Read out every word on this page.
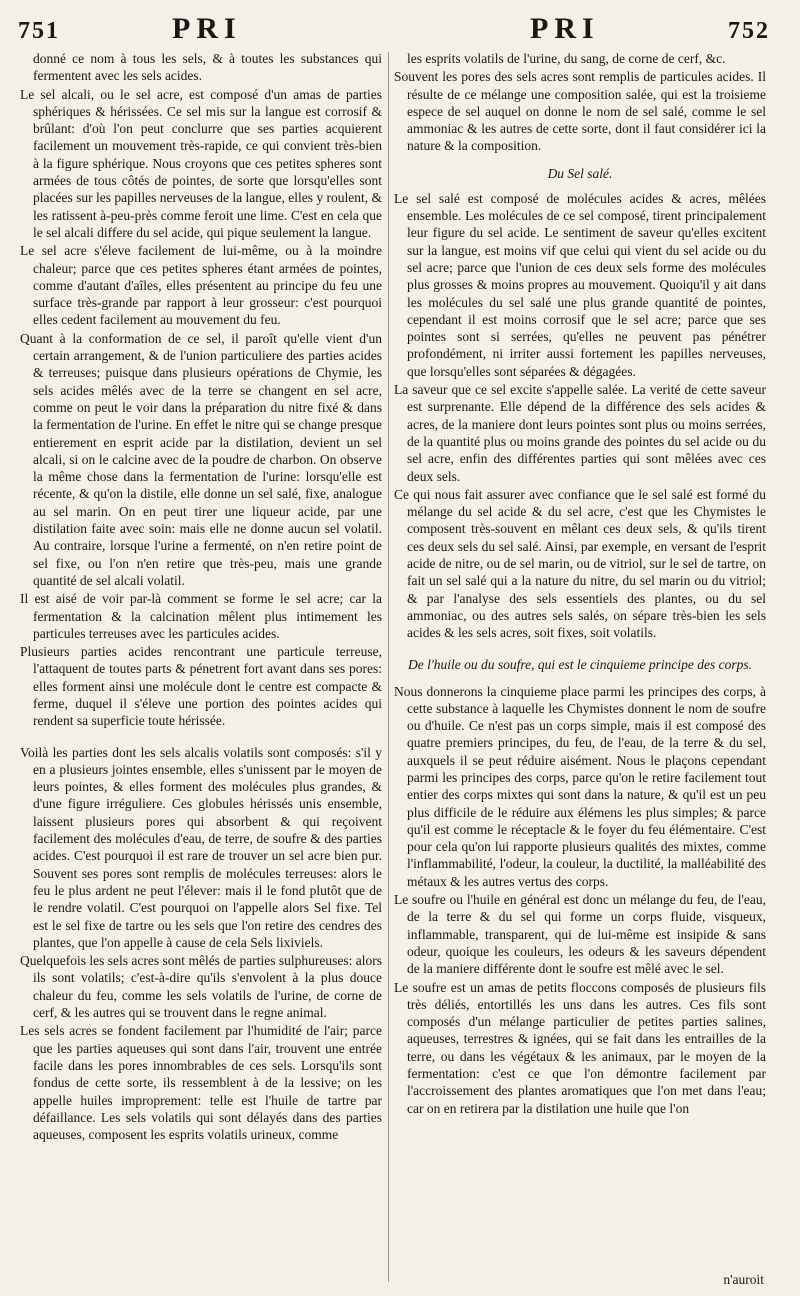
751	PRI	PRI	752

donné ce nom à tous les sels, & à toutes les substances qui fermentent avec les sels acides.

Le sel alcali, ou le sel acre, est composé d'un amas de parties sphériques & hérissées. Ce sel mis sur la langue est corrosif & brûlant: d'où l'on peut conclurre que ses parties acquierent facilement un mouvement très-rapide, ce qui convient très-bien à la figure sphérique. Nous croyons que ces petites spheres sont armées de tous côtés de pointes, de sorte que lorsqu'elles sont placées sur les papilles nerveuses de la langue, elles y roulent, & les ratissent à-peu-près comme feroit une lime. C'est en cela que le sel alcali differe du sel acide, qui pique seulement la langue.

Le sel acre s'éleve facilement de lui-même, ou à la moindre chaleur; parce que ces petites spheres étant armées de pointes, comme d'autant d'aîles, elles présentent au principe du feu une surface très-grande par rapport à leur grosseur: c'est pourquoi elles cedent facilement au mouvement du feu.

Quant à la conformation de ce sel, il paroît qu'elle vient d'un certain arrangement, & de l'union particuliere des parties acides & terreuses; puisque dans plusieurs opérations de Chymie, les sels acides mêlés avec de la terre se changent en sel acre, comme on peut le voir dans la préparation du nitre fixé & dans la fermentation de l'urine. En effet le nitre qui se change presque entierement en esprit acide par la distilation, devient un sel alcali, si on le calcine avec de la poudre de charbon. On observe la même chose dans la fermentation de l'urine: lorsqu'elle est récente, & qu'on la distile, elle donne un sel salé, fixe, analogue au sel marin. On en peut tirer une liqueur acide, par une distilation faite avec soin: mais elle ne donne aucun sel volatil. Au contraire, lorsque l'urine a fermenté, on n'en retire point de sel fixe, ou l'on n'en retire que très-peu, mais une grande quantité de sel alcali volatil.

Il est aisé de voir par-là comment se forme le sel acre; car la fermentation & la calcination mêlent plus intimement les particules terreuses avec les particules acides.

Plusieurs parties acides rencontrant une particule terreuse, l'attaquent de toutes parts & pénetrent fort avant dans ses pores: elles forment ainsi une molécule dont le centre est compacte & ferme, duquel il s'éleve une portion des pointes acides qui rendent sa superficie toute hérissée.

Voilà les parties dont les sels alcalis volatils sont composés: s'il y en a plusieurs jointes ensemble, elles s'unissent par le moyen de leurs pointes, & elles forment des molécules plus grandes, & d'une figure irréguliere. Ces globules hérissés unis ensemble, laissent plusieurs pores qui absorbent & qui reçoivent facilement des molécules d'eau, de terre, de soufre & des parties acides. C'est pourquoi il est rare de trouver un sel acre bien pur. Souvent ses pores sont remplis de molécules terreuses: alors le feu le plus ardent ne peut l'élever: mais il le fond plutôt que de le rendre volatil. C'est pourquoi on l'appelle alors Sel fixe. Tel est le sel fixe de tartre ou les sels que l'on retire des cendres des plantes, que l'on appelle à cause de cela Sels lixiviels.

Quelquefois les sels acres sont mêlés de parties sulphureuses: alors ils sont volatils; c'est-à-dire qu'ils s'envolent à la plus douce chaleur du feu, comme les sels volatils de l'urine, de corne de cerf, & les autres qui se trouvent dans le regne animal.

Les sels acres se fondent facilement par l'humidité de l'air; parce que les parties aqueuses qui sont dans l'air, trouvent une entrée facile dans les pores innombrables de ces sels. Lorsqu'ils sont fondus de cette sorte, ils ressemblent à de la lessive; on les appelle huiles improprement: telle est l'huile de tartre par défaillance. Les sels volatils qui sont délayés dans des parties aqueuses, composent les esprits volatils urineux, comme

les esprits volatils de l'urine, du sang, de corne de cerf, &c.

Souvent les pores des sels acres sont remplis de particules acides. Il résulte de ce mélange une composition salée, qui est la troisieme espece de sel auquel on donne le nom de sel salé, comme le sel ammoniac & les autres de cette sorte, dont il faut considérer ici la nature & la composition.

Du Sel salé.

Le sel salé est composé de molécules acides & acres, mêlées ensemble. Les molécules de ce sel composé, tirent principalement leur figure du sel acide. Le sentiment de saveur qu'elles excitent sur la langue, est moins vif que celui qui vient du sel acide ou du sel acre; parce que l'union de ces deux sels forme des molécules plus grosses & moins propres au mouvement. Quoiqu'il y ait dans les molécules du sel salé une plus grande quantité de pointes, cependant il est moins corrosif que le sel acre; parce que ses pointes sont si serrées, qu'elles ne peuvent pas pénétrer profondément, ni irriter aussi fortement les papilles nerveuses, que lorsqu'elles sont séparées & dégagées.

La saveur que ce sel excite s'appelle salée. La verité de cette saveur est surprenante. Elle dépend de la différence des sels acides & acres, de la maniere dont leurs pointes sont plus ou moins serrées, de la quantité plus ou moins grande des pointes du sel acide ou du sel acre, enfin des différentes parties qui sont mêlées avec ces deux sels.

Ce qui nous fait assurer avec confiance que le sel salé est formé du mélange du sel acide & du sel acre, c'est que les Chymistes le composent très-souvent en mêlant ces deux sels, & qu'ils tirent ces deux sels du sel salé. Ainsi, par exemple, en versant de l'esprit acide de nitre, ou de sel marin, ou de vitriol, sur le sel de tartre, on fait un sel salé qui a la nature du nitre, du sel marin ou du vitriol; & par l'analyse des sels essentiels des plantes, ou du sel ammoniac, ou des autres sels salés, on sépare très-bien les sels acides & les sels acres, soit fixes, soit volatils.

De l'huile ou du soufre, qui est le cinquieme principe des corps.

Nous donnerons la cinquieme place parmi les principes des corps, à cette substance à laquelle les Chymistes donnent le nom de soufre ou d'huile. Ce n'est pas un corps simple, mais il est composé des quatre premiers principes, du feu, de l'eau, de la terre & du sel, auxquels il se peut réduire aisément. Nous le plaçons cependant parmi les principes des corps, parce qu'on le retire facilement tout entier des corps mixtes qui sont dans la nature, & qu'il est un peu plus difficile de le réduire aux élémens les plus simples; & parce qu'il est comme le réceptacle & le foyer du feu élémentaire. C'est pour cela qu'on lui rapporte plusieurs qualités des mixtes, comme l'inflammabilité, l'odeur, la couleur, la ductilité, la malléabilité des métaux & les autres vertus des corps.

Le soufre ou l'huile en général est donc un mélange du feu, de l'eau, de la terre & du sel qui forme un corps fluide, visqueux, inflammable, transparent, qui de lui-même est insipide & sans odeur, quoique les couleurs, les odeurs & les saveurs dépendent de la maniere différente dont le soufre est mêlé avec le sel.

Le soufre est un amas de petits floccons composés de plusieurs fils très déliés, entortillés les uns dans les autres. Ces fils sont composés d'un mélange particulier de petites parties salines, aqueuses, terrestres & ignées, qui se fait dans les entrailles de la terre, ou dans les végétaux & les animaux, par le moyen de la fermentation: c'est ce que l'on démontre facilement par l'accroissement des plantes aromatiques que l'on met dans l'eau; car on en retirera par la distilation une huile que l'on

n'auroit
